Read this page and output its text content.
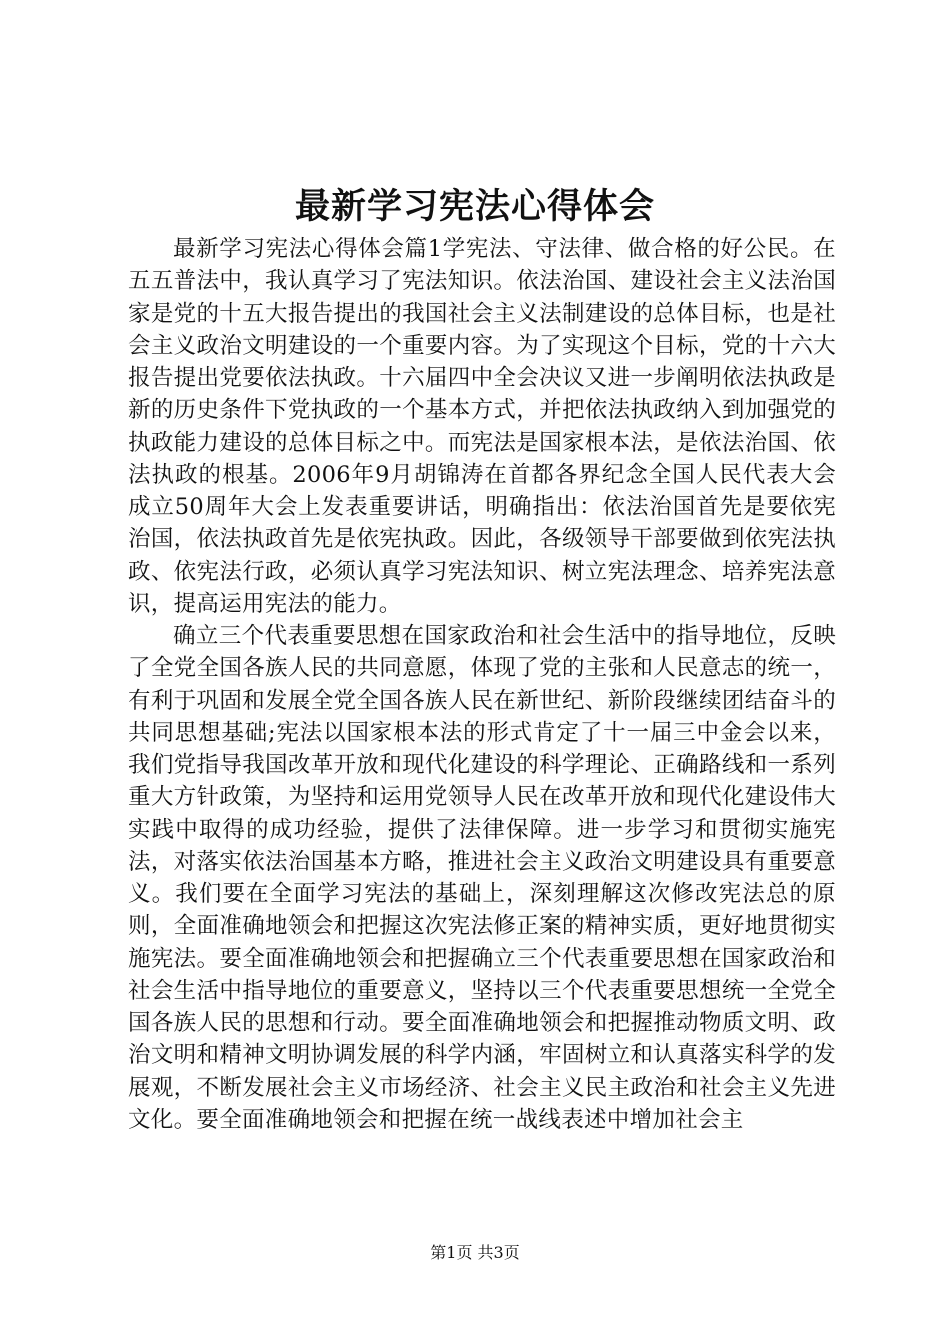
最新学习宪法心得体会

最新学习宪法心得体会篇1学宪法、守法律、做合格的好公民。在五五普法中，我认真学习了宪法知识。依法治国、建设社会主义法治国家是党的十五大报告提出的我国社会主义法制建设的总体目标，也是社会主义政治文明建设的一个重要内容。为了实现这个目标，党的十六大报告提出党要依法执政。十六届四中全会决议又进一步阐明依法执政是新的历史条件下党执政的一个基本方式，并把依法执政纳入到加强党的执政能力建设的总体目标之中。而宪法是国家根本法，是依法治国、依法执政的根基。2006年9月胡锦涛在首都各界纪念全国人民代表大会成立50周年大会上发表重要讲话，明确指出：依法治国首先是要依宪治国，依法执政首先是依宪执政。因此，各级领导干部要做到依宪法执政、依宪法行政，必须认真学习宪法知识、树立宪法理念、培养宪法意识，提高运用宪法的能力。

确立三个代表重要思想在国家政治和社会生活中的指导地位，反映了全党全国各族人民的共同意愿，体现了党的主张和人民意志的统一，有利于巩固和发展全党全国各族人民在新世纪、新阶段继续团结奋斗的共同思想基础;宪法以国家根本法的形式肯定了十一届三中金会以来，我们党指导我国改革开放和现代化建设的科学理论、正确路线和一系列重大方针政策，为坚持和运用党领导人民在改革开放和现代化建设伟大实践中取得的成功经验，提供了法律保障。进一步学习和贯彻实施宪法，对落实依法治国基本方略，推进社会主义政治文明建设具有重要意义。我们要在全面学习宪法的基础上，深刻理解这次修改宪法总的原则，全面准确地领会和把握这次宪法修正案的精神实质，更好地贯彻实施宪法。要全面准确地领会和把握确立三个代表重要思想在国家政治和社会生活中指导地位的重要意义，坚持以三个代表重要思想统一全党全国各族人民的思想和行动。要全面准确地领会和把握推动物质文明、政治文明和精神文明协调发展的科学内涵，牢固树立和认真落实科学的发展观，不断发展社会主义市场经济、社会主义民主政治和社会主义先进文化。要全面准确地领会和把握在统一战线表述中增加社会主

第1页 共3页
